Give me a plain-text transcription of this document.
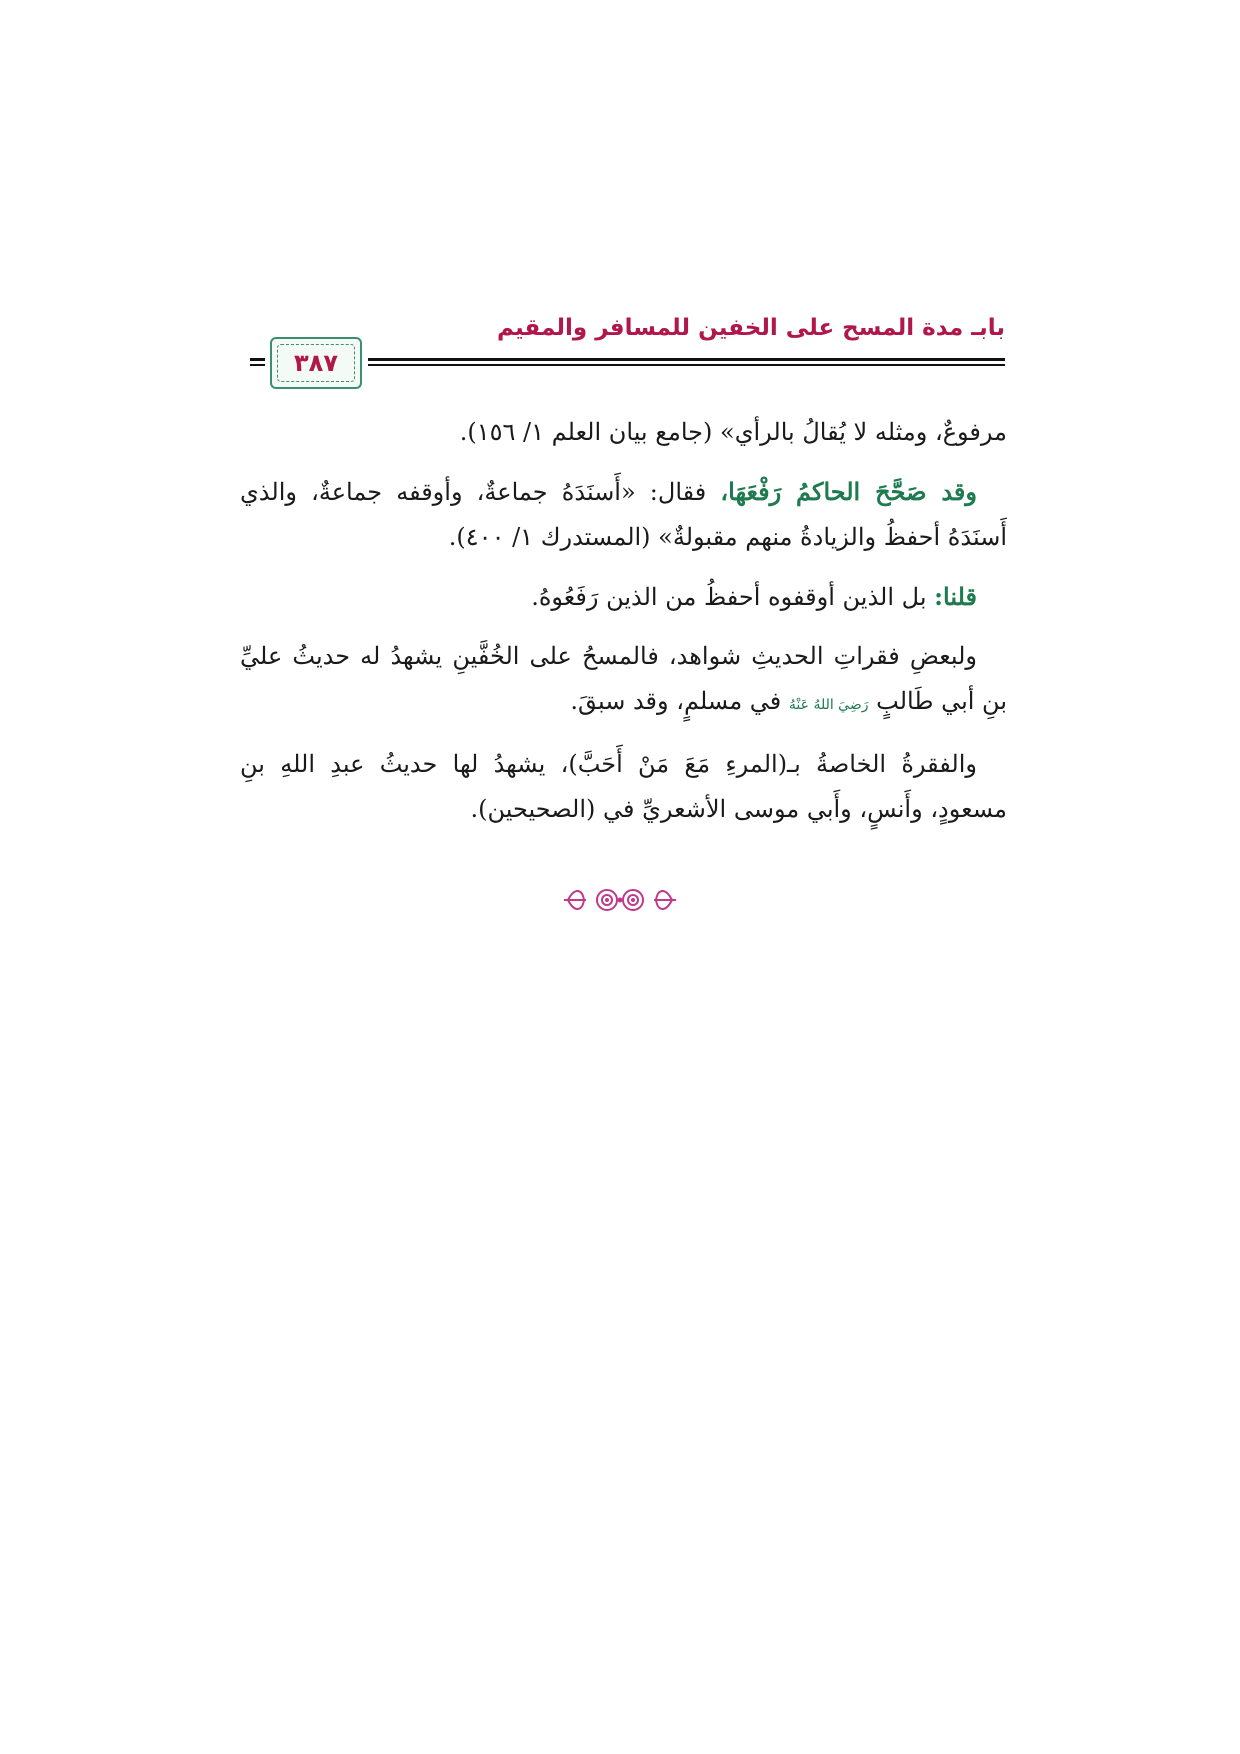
بابـ مدة المسح على الخفين للمسافر والمقيم
٣٨٧

مرفوعٌ، ومثله لا يُقالُ بالرأي» (جامع بيان العلم ١/ ١٥٦).

وقد صَحَّحَ الحاكمُ رَفْعَهَا، فقال: «أَسنَدَهُ جماعةٌ، وأوقفه جماعةٌ، والذي أَسنَدَهُ أحفظُ والزيادةُ منهم مقبولةٌ» (المستدرك ١/ ٤٠٠).

قلنا: بل الذين أوقفوه أحفظُ من الذين رَفَعُوهُ.

ولبعضِ فقراتِ الحديثِ شواهد، فالمسحُ على الخُفَّينِ يشهدُ له حديثُ عليِّ بنِ أبي طَالبٍ رَضِيَ اللهُ عَنْهُ في مسلمٍ، وقد سبقَ.

والفقرةُ الخاصةُ بـ(المرءِ مَعَ مَنْ أَحَبَّ)، يشهدُ لها حديثُ عبدِ اللهِ بنِ مسعودٍ، وأَنسٍ، وأَبي موسى الأشعريِّ في (الصحيحين).
